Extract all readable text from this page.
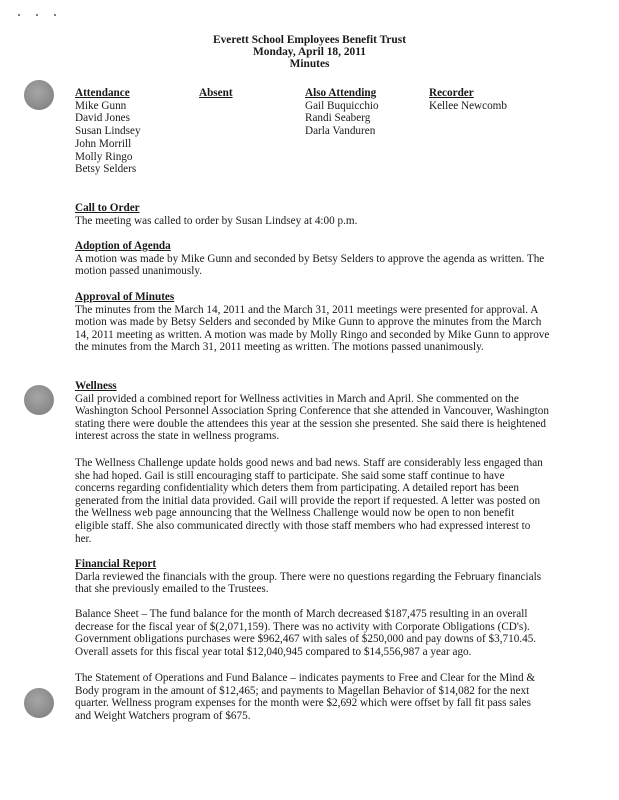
Everett School Employees Benefit Trust
Monday, April 18, 2011
Minutes
Attendance
Mike Gunn
David Jones
Susan Lindsey
John Morrill
Molly Ringo
Betsy Selders
Absent	Also Attending
Gail Buquicchio
Randi Seaberg
Darla Vanduren
Recorder
Kellee Newcomb
Call to Order

The meeting was called to order by Susan Lindsey at 4:00 p.m.

Adoption of Agenda

A motion was made by Mike Gunn and seconded by Betsy Selders to approve the agenda as written. The motion passed unanimously.

Approval of Minutes

The minutes from the March 14, 2011 and the March 31, 2011 meetings were presented for approval. A motion was made by Betsy Selders and seconded by Mike Gunn to approve the minutes from the March 14, 2011 meeting as written. A motion was made by Molly Ringo and seconded by Mike Gunn to approve the minutes from the March 31, 2011 meeting as written. The motions passed unanimously.

Wellness

Gail provided a combined report for Wellness activities in March and April. She commented on the Washington School Personnel Association Spring Conference that she attended in Vancouver, Washington stating there were double the attendees this year at the session she presented. She said there is heightened interest across the state in wellness programs.

The Wellness Challenge update holds good news and bad news. Staff are considerably less engaged than she had hoped. Gail is still encouraging staff to participate. She said some staff continue to have concerns regarding confidentiality which deters them from participating. A detailed report has been generated from the initial data provided. Gail will provide the report if requested. A letter was posted on the Wellness web page announcing that the Wellness Challenge would now be open to non benefit eligible staff. She also communicated directly with those staff members who had expressed interest to her.

Financial Report

Darla reviewed the financials with the group. There were no questions regarding the February financials that she previously emailed to the Trustees.

Balance Sheet – The fund balance for the month of March decreased $187,475 resulting in an overall decrease for the fiscal year of $(2,071,159). There was no activity with Corporate Obligations (CD's). Government obligations purchases were $962,467 with sales of $250,000 and pay downs of $3,710.45. Overall assets for this fiscal year total $12,040,945 compared to $14,556,987 a year ago.

The Statement of Operations and Fund Balance – indicates payments to Free and Clear for the Mind & Body program in the amount of $12,465; and payments to Magellan Behavior of $14,082 for the next quarter. Wellness program expenses for the month were $2,692 which were offset by fall fit pass sales and Weight Watchers program of $675.
